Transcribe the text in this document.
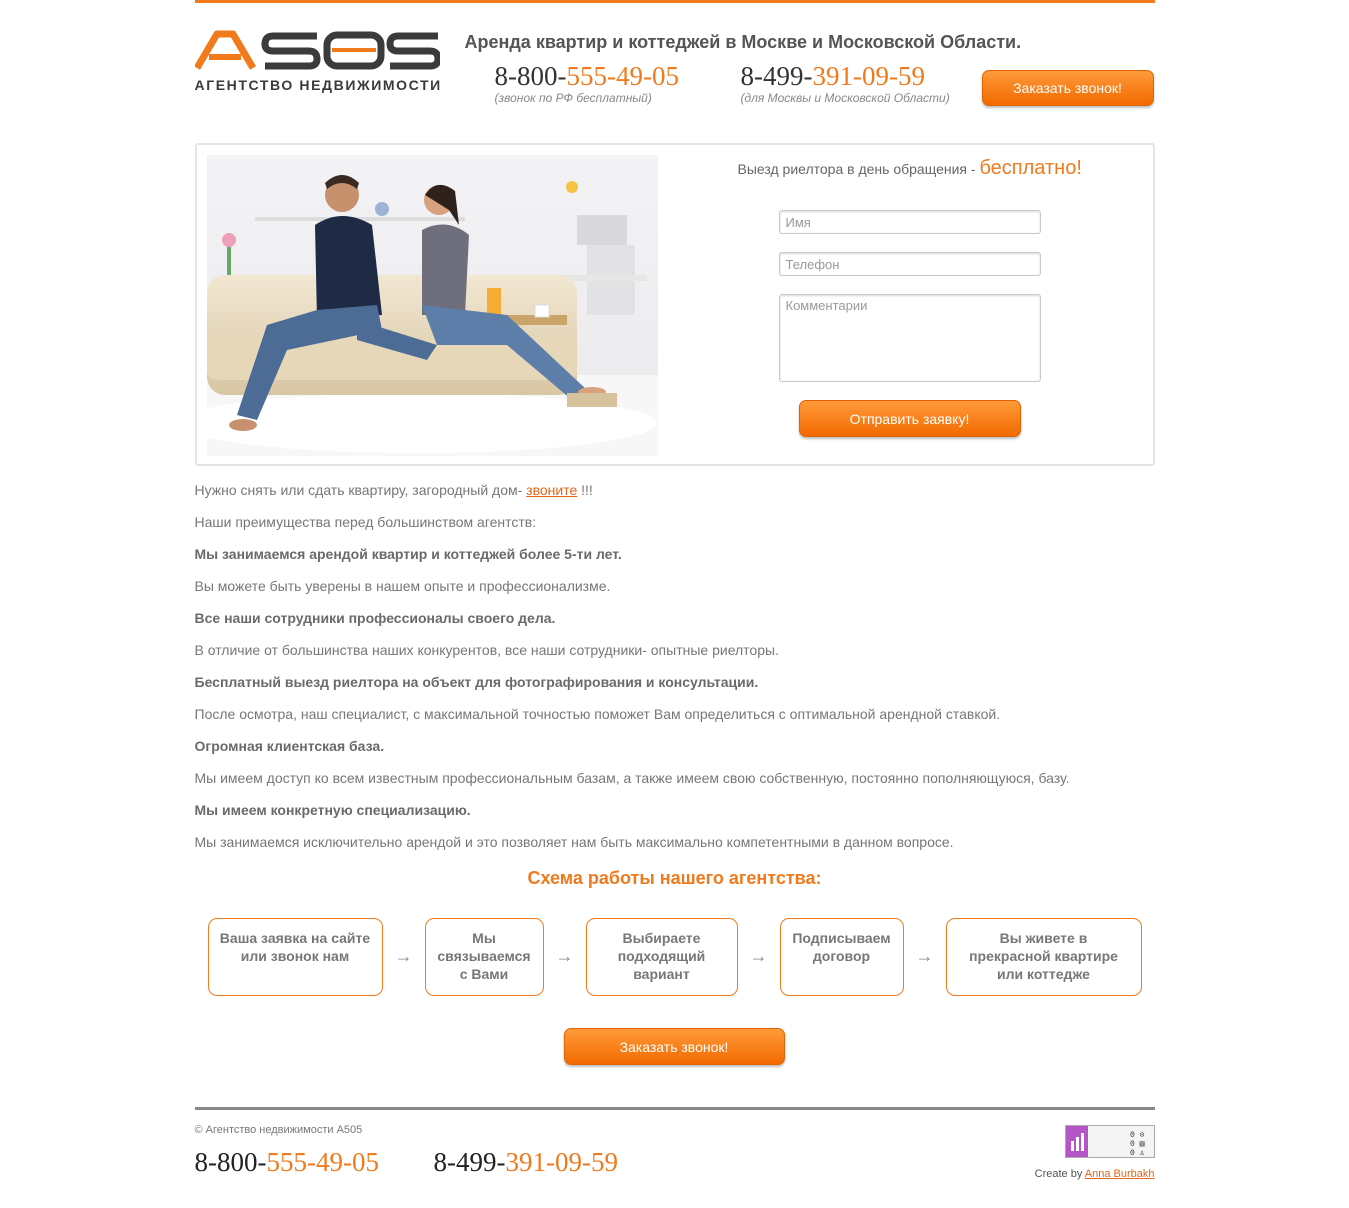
АГЕНТСТВО НЕДВИЖИМОСТИ
Аренда квартир и коттеджей в Москве и Московской Области.
8-800-555-49-05
(звонок по РФ бесплатный)
8-499-391-09-59
(для Москвы и Московской Области)
Заказать звонок!
Выезд риелтора в день обращения - бесплатно!
Имя
Телефон
Комментарии
Отправить заявку!
Нужно снять или сдать квартиру, загородный дом- звоните !!!
Наши преимущества перед большинством агентств:
Мы занимаемся арендой квартир и коттеджей более 5-ти лет.
Вы можете быть уверены в нашем опыте и профессионализме.
Все наши сотрудники профессионалы своего дела.
В отличие от большинства наших конкурентов, все наши сотрудники- опытные риелторы.
Бесплатный выезд риелтора на объект для фотографирования и консультации.
После осмотра, наш специалист, с максимальной точностью поможет Вам определиться с оптимальной арендной ставкой.
Огромная клиентская база.
Мы имеем доступ ко всем известным профессиональным базам, а также имеем свою собственную, постоянно пополняющуюся, базу.
Мы имеем конкретную специализацию.
Мы занимаемся исключительно арендой и это позволяет нам быть максимально компетентными в данном вопросе.
Схема работы нашего агентства:
Ваша заявка на сайте
или звонок нам	→
Мы
связываемся
с Вами
→
Выбираете
подходящий
вариант
→
Подписываем
договор	→
Вы живете в
прекрасной квартире
или коттедже
Заказать звонок!
© Агентство недвижимости А505
8-800-555-49-05 8-499-391-09-59
0 ⊙
0 ▤
0 ♙
Create by Anna Burbakh
